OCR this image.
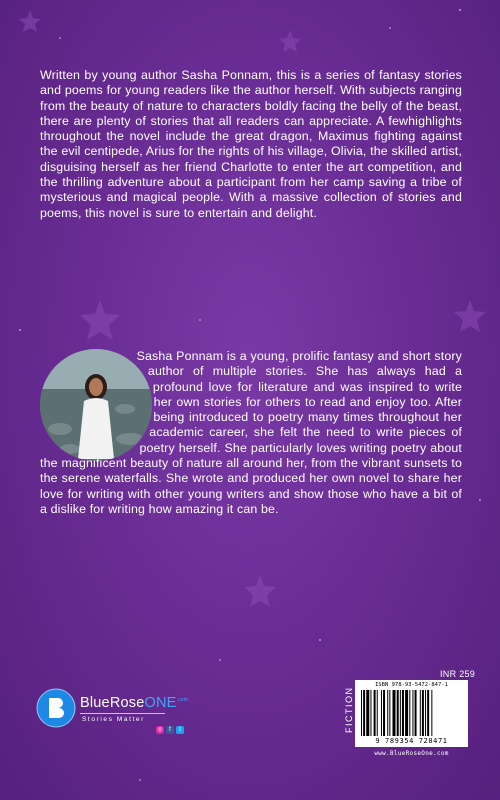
Written by young author Sasha Ponnam, this is a series of fantasy stories and poems for young readers like the author herself. With subjects ranging from the beauty of nature to characters boldly facing the belly of the beast, there are plenty of stories that all readers can appreciate. A fewhighlights throughout the novel include the great dragon, Maximus fighting against the evil centipede, Arius for the rights of his village, Olivia, the skilled artist, disguising herself as her friend Charlotte to enter the art competition, and the thrilling adventure about a participant from her camp saving a tribe of mysterious and magical people. With a massive collection of stories and poems, this novel is sure to entertain and delight.

Sasha Ponnam is a young, prolific fantasy and short story author of multiple stories. She has always had a profound love for literature and was inspired to write her own stories for others to read and enjoy too. After being introduced to poetry many times throughout her academic career, she felt the need to write pieces of poetry herself. She particularly loves writing poetry about the magnificent beauty of nature all around her, from the vibrant sunsets to the serene waterfalls. She wrote and produced her own novel to share her love for writing with other young writers and show those who have a bit of a dislike for writing how amazing it can be.

INR 259
FICTION
ISBN 978-93-5472-847-1
9 789354 728471
www.BlueRoseOne.com
BlueRoseONE$^{.com}$
Stories Matter
◎	f	t
